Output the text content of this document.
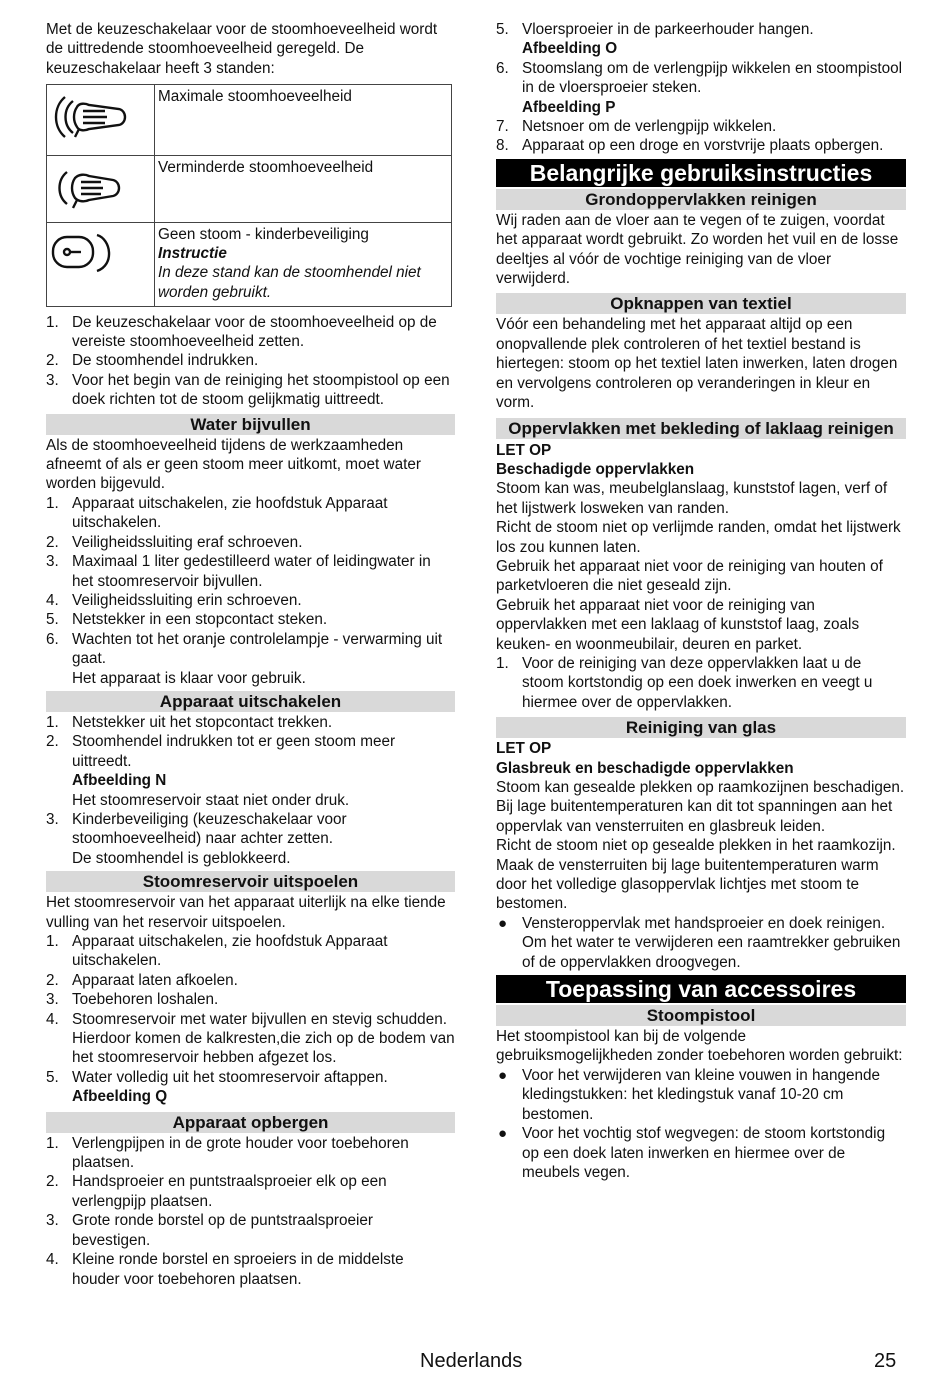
Met de keuzeschakelaar voor de stoomhoeveelheid wordt de uittredende stoomhoeveelheid geregeld. De keuzeschakelaar heeft 3 standen:

	Maximale stoomhoeveelheid
	Verminderde stoomhoeveelheid

Geen stoom - kinderbeveiliging
Instructie
In deze stand kan de stoomhendel niet worden gebruikt.
1. De keuzeschakelaar voor de stoomhoeveelheid op de vereiste stoomhoeveelheid zetten.
2. De stoomhendel indrukken.
3. Voor het begin van de reiniging het stoompistool op een doek richten tot de stoom gelijkmatig uittreedt.
Water bijvullen

Als de stoomhoeveelheid tijdens de werkzaamheden afneemt of als er geen stoom meer uitkomt, moet water worden bijgevuld.

1. Apparaat uitschakelen, zie hoofdstuk Apparaat uitschakelen.
2. Veiligheidssluiting eraf schroeven.
3. Maximaal 1 liter gedestilleerd water of leidingwater in het stoomreservoir bijvullen.
4. Veiligheidssluiting erin schroeven.
5. Netstekker in een stopcontact steken.
6. Wachten tot het oranje controlelampje - verwarming uit gaat.
Het apparaat is klaar voor gebruik.
Apparaat uitschakelen
1. Netstekker uit het stopcontact trekken.
2. Stoomhendel indrukken tot er geen stoom meer uittreedt.
Afbeelding N
Het stoomreservoir staat niet onder druk.
3. Kinderbeveiliging (keuzeschakelaar voor stoomhoeveelheid) naar achter zetten.
De stoomhendel is geblokkeerd.
Stoomreservoir uitspoelen

Het stoomreservoir van het apparaat uiterlijk na elke tiende vulling van het reservoir uitspoelen.

1. Apparaat uitschakelen, zie hoofdstuk Apparaat uitschakelen.
2. Apparaat laten afkoelen.
3. Toebehoren loshalen.
4. Stoomreservoir met water bijvullen en stevig schudden. Hierdoor komen de kalkresten,die zich op de bodem van het stoomreservoir hebben afgezet los.
5. Water volledig uit het stoomreservoir aftappen.
Afbeelding Q
Apparaat opbergen
1. Verlengpijpen in de grote houder voor toebehoren plaatsen.
2. Handsproeier en puntstraalsproeier elk op een verlengpijp plaatsen.
3. Grote ronde borstel op de puntstraalsproeier bevestigen.
4. Kleine ronde borstel en sproeiers in de middelste houder voor toebehoren plaatsen.
5. Vloersproeier in de parkeerhouder hangen.
Afbeelding O
6. Stoomslang om de verlengpijp wikkelen en stoompistool in de vloersproeier steken.
Afbeelding P
7. Netsnoer om de verlengpijp wikkelen.
8. Apparaat op een droge en vorstvrije plaats opbergen.
Belangrijke gebruiksinstructies
Grondoppervlakken reinigen

Wij raden aan de vloer aan te vegen of te zuigen, voordat het apparaat wordt gebruikt. Zo worden het vuil en de losse deeltjes al vóór de vochtige reiniging van de vloer verwijderd.

Opknappen van textiel

Vóór een behandeling met het apparaat altijd op een onopvallende plek controleren of het textiel bestand is hiertegen: stoom op het textiel laten inwerken, laten drogen en vervolgens controleren op veranderingen in kleur en vorm.

Oppervlakken met bekleding of laklaag reinigen

LET OP

Beschadigde oppervlakken

Stoom kan was, meubelglanslaag, kunststof lagen, verf of het lijstwerk losweken van randen.

Richt de stoom niet op verlijmde randen, omdat het lijstwerk los zou kunnen laten.

Gebruik het apparaat niet voor de reiniging van houten of parketvloeren die niet geseald zijn.

Gebruik het apparaat niet voor de reiniging van oppervlakken met een laklaag of kunststof laag, zoals keuken- en woonmeubilair, deuren en parket.

1. Voor de reiniging van deze oppervlakken laat u de stoom kortstondig op een doek inwerken en veegt u hiermee over de oppervlakken.
Reiniging van glas

LET OP

Glasbreuk en beschadigde oppervlakken

Stoom kan gesealde plekken op raamkozijnen beschadigen. Bij lage buitentemperaturen kan dit tot spanningen aan het oppervlak van vensterruiten en glasbreuk leiden.

Richt de stoom niet op gesealde plekken in het raamkozijn.

Maak de vensterruiten bij lage buitentemperaturen warm door het volledige glasoppervlak lichtjes met stoom te bestomen.

● Vensteroppervlak met handsproeier en doek reinigen. Om het water te verwijderen een raamtrekker gebruiken of de oppervlakken droogvegen.
Toepassing van accessoires
Stoompistool

Het stoompistool kan bij de volgende gebruiksmogelijkheden zonder toebehoren worden gebruikt:

● Voor het verwijderen van kleine vouwen in hangende kledingstukken: het kledingstuk vanaf 10-20 cm bestomen.
● Voor het vochtig stof wegvegen: de stoom kortstondig op een doek laten inwerken en hiermee over de meubels vegen.
Nederlands	25
